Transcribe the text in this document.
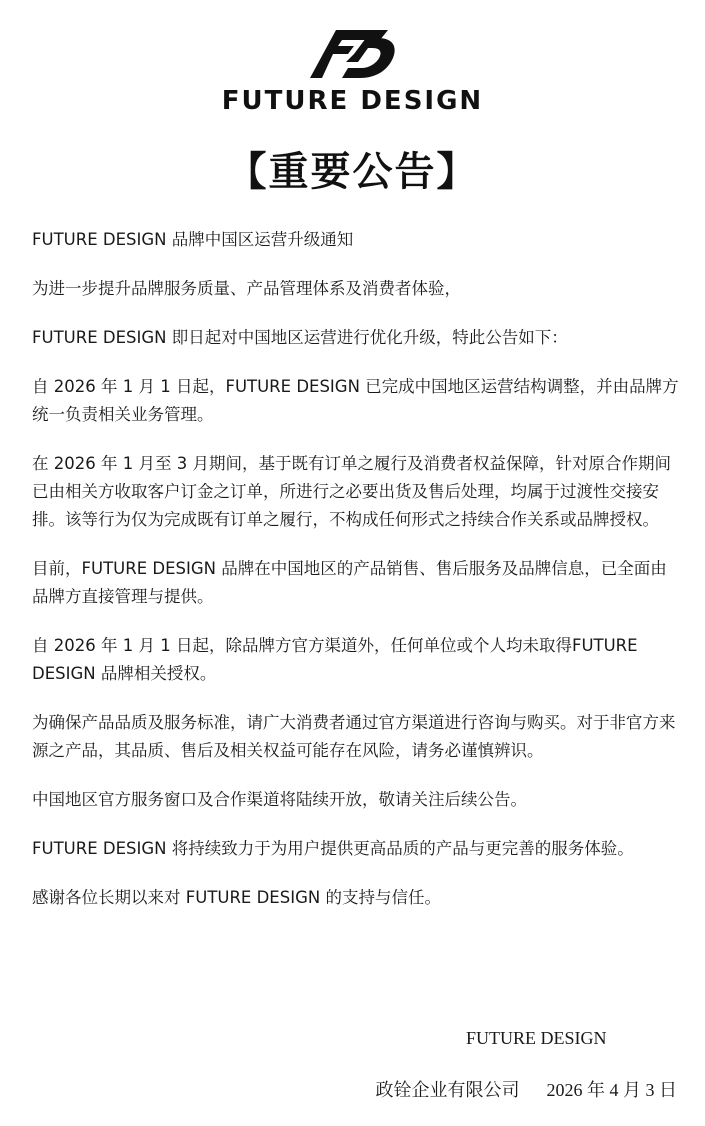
FUTURE DESIGN
【重要公告】

FUTURE DESIGN 品牌中国区运营升级通知

为进一步提升品牌服务质量、产品管理体系及消费者体验，

FUTURE DESIGN 即日起对中国地区运营进行优化升级，特此公告如下：

自 2026 年 1 月 1 日起，FUTURE DESIGN 已完成中国地区运营结构调整，并由品牌方统一负责相关业务管理。

在 2026 年 1 月至 3 月期间，基于既有订单之履行及消费者权益保障，针对原合作期间已由相关方收取客户订金之订单，所进行之必要出货及售后处理，均属于过渡性交接安排。该等行为仅为完成既有订单之履行，不构成任何形式之持续合作关系或品牌授权。

目前，FUTURE DESIGN 品牌在中国地区的产品销售、售后服务及品牌信息，已全面由品牌方直接管理与提供。

自 2026 年 1 月 1 日起，除品牌方官方渠道外，任何单位或个人均未取得FUTURE DESIGN 品牌相关授权。

为确保产品品质及服务标准，请广大消费者通过官方渠道进行咨询与购买。对于非官方来源之产品，其品质、售后及相关权益可能存在风险，请务必谨慎辨识。

中国地区官方服务窗口及合作渠道将陆续开放，敬请关注后续公告。

FUTURE DESIGN 将持续致力于为用户提供更高品质的产品与更完善的服务体验。

感谢各位长期以来对 FUTURE DESIGN 的支持与信任。

FUTURE DESIGN
政铨企业有限公司 2026 年 4 月 3 日
